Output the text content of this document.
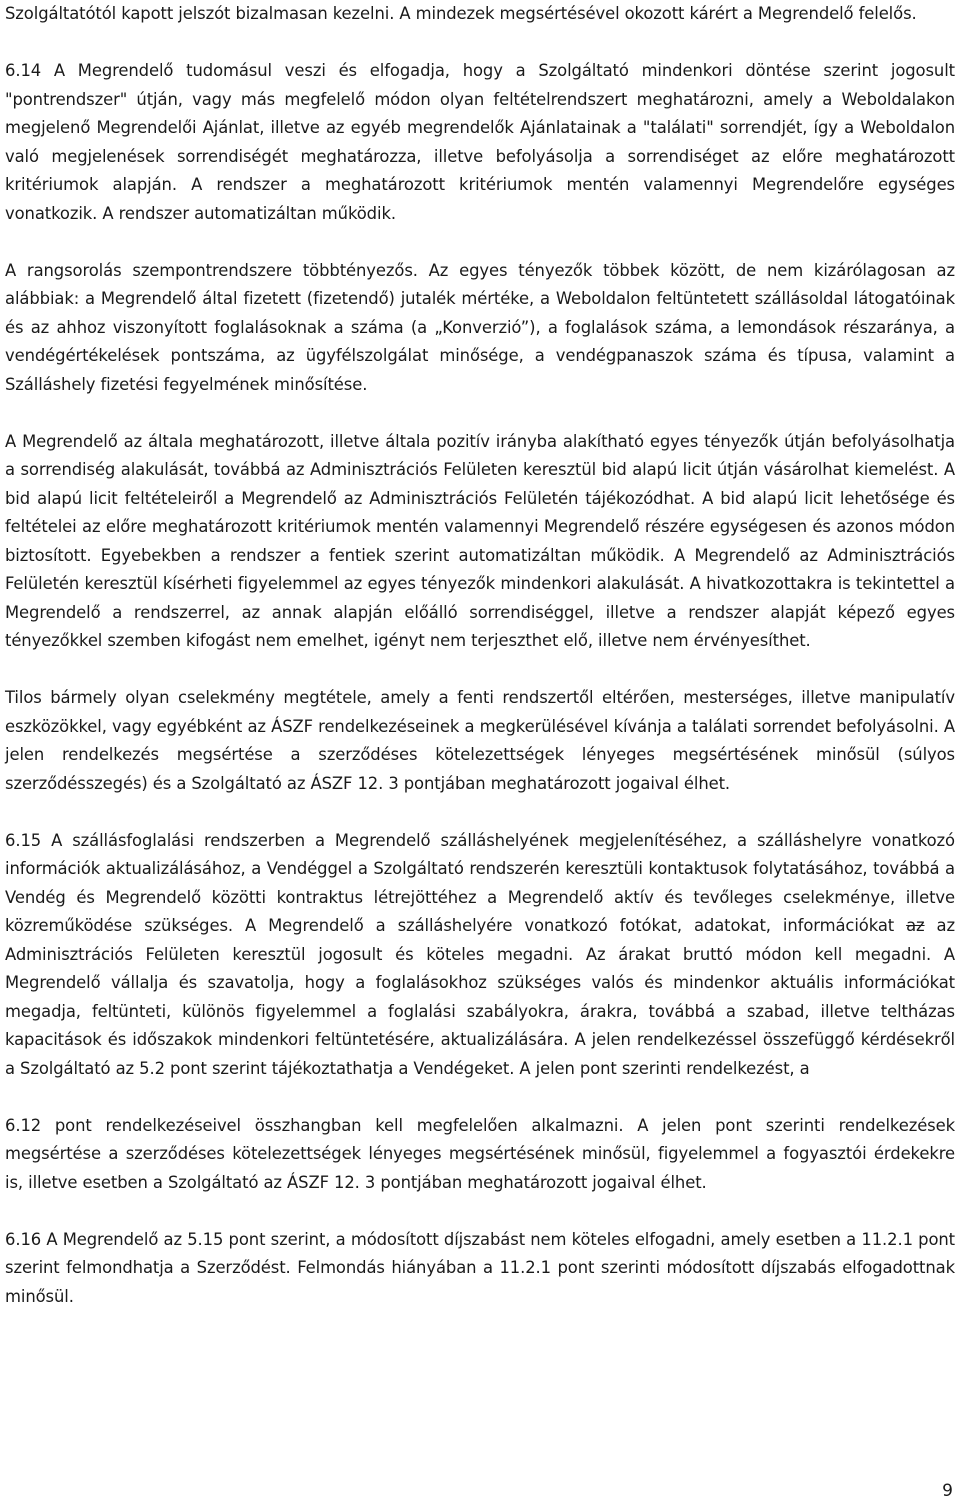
Szolgáltatótól kapott jelszót bizalmasan kezelni. A mindezek megsértésével okozott kárért a Megrendelő felelős.

6.14 A Megrendelő tudomásul veszi és elfogadja, hogy a Szolgáltató mindenkori döntése szerint jogosult "pontrendszer" útján, vagy más megfelelő módon olyan feltételrendszert meghatározni, amely a Weboldalakon megjelenő Megrendelői Ajánlat, illetve az egyéb megrendelők Ajánlatainak a "találati" sorrendjét, így a Weboldalon való megjelenések sorrendiségét meghatározza, illetve befolyásolja a sorrendiséget az előre meghatározott kritériumok alapján. A rendszer a meghatározott kritériumok mentén valamennyi Megrendelőre egységes vonatkozik. A rendszer automatizáltan működik.

A rangsorolás szempontrendszere többtényezős. Az egyes tényezők többek között, de nem kizárólagosan az alábbiak: a Megrendelő által fizetett (fizetendő) jutalék mértéke, a Weboldalon feltüntetett szállásoldal látogatóinak és az ahhoz viszonyított foglalásoknak a száma (a „Konverzió”), a foglalások száma, a lemondások részaránya, a vendégértékelések pontszáma, az ügyfélszolgálat minősége, a vendégpanaszok száma és típusa, valamint a Szálláshely fizetési fegyelmének minősítése.

A Megrendelő az általa meghatározott, illetve általa pozitív irányba alakítható egyes tényezők útján befolyásolhatja a sorrendiség alakulását, továbbá az Adminisztrációs Felületen keresztül bid alapú licit útján vásárolhat kiemelést. A bid alapú licit feltételeiről a Megrendelő az Adminisztrációs Felületén tájékozódhat. A bid alapú licit lehetősége és feltételei az előre meghatározott kritériumok mentén valamennyi Megrendelő részére egységesen és azonos módon biztosított. Egyebekben a rendszer a fentiek szerint automatizáltan működik. A Megrendelő az Adminisztrációs Felületén keresztül kísérheti figyelemmel az egyes tényezők mindenkori alakulását. A hivatkozottakra is tekintettel a Megrendelő a rendszerrel, az annak alapján előálló sorrendiséggel, illetve a rendszer alapját képező egyes tényezőkkel szemben kifogást nem emelhet, igényt nem terjeszthet elő, illetve nem érvényesíthet.

Tilos bármely olyan cselekmény megtétele, amely a fenti rendszertől eltérően, mesterséges, illetve manipulatív eszközökkel, vagy egyébként az ÁSZF rendelkezéseinek a megkerülésével kívánja a találati sorrendet befolyásolni. A jelen rendelkezés megsértése a szerződéses kötelezettségek lényeges megsértésének minősül (súlyos szerződésszegés) és a Szolgáltató az ÁSZF 12. 3 pontjában meghatározott jogaival élhet.

6.15 A szállásfoglalási rendszerben a Megrendelő szálláshelyének megjelenítéséhez, a szálláshelyre vonatkozó információk aktualizálásához, a Vendéggel a Szolgáltató rendszerén keresztüli kontaktusok folytatásához, továbbá a Vendég és Megrendelő közötti kontraktus létrejöttéhez a Megrendelő aktív és tevőleges cselekménye, illetve közreműködése szükséges. A Megrendelő a szálláshelyére vonatkozó fotókat, adatokat, információkat az az Adminisztrációs Felületen keresztül jogosult és köteles megadni. Az árakat bruttó módon kell megadni. A Megrendelő vállalja és szavatolja, hogy a foglalásokhoz szükséges valós és mindenkor aktuális információkat megadja, feltünteti, különös figyelemmel a foglalási szabályokra, árakra, továbbá a szabad, illetve teltházas kapacitások és időszakok mindenkori feltüntetésére, aktualizálására. A jelen rendelkezéssel összefüggő kérdésekről a Szolgáltató az 5.2 pont szerint tájékoztathatja a Vendégeket. A jelen pont szerinti rendelkezést, a

6.12 pont rendelkezéseivel összhangban kell megfelelően alkalmazni. A jelen pont szerinti rendelkezések megsértése a szerződéses kötelezettségek lényeges megsértésének minősül, figyelemmel a fogyasztói érdekekre is, illetve esetben a Szolgáltató az ÁSZF 12. 3 pontjában meghatározott jogaival élhet.

6.16 A Megrendelő az 5.15 pont szerint, a módosított díjszabást nem köteles elfogadni, amely esetben a 11.2.1 pont szerint felmondhatja a Szerződést. Felmondás hiányában a 11.2.1 pont szerinti módosított díjszabás elfogadottnak minősül.

9
